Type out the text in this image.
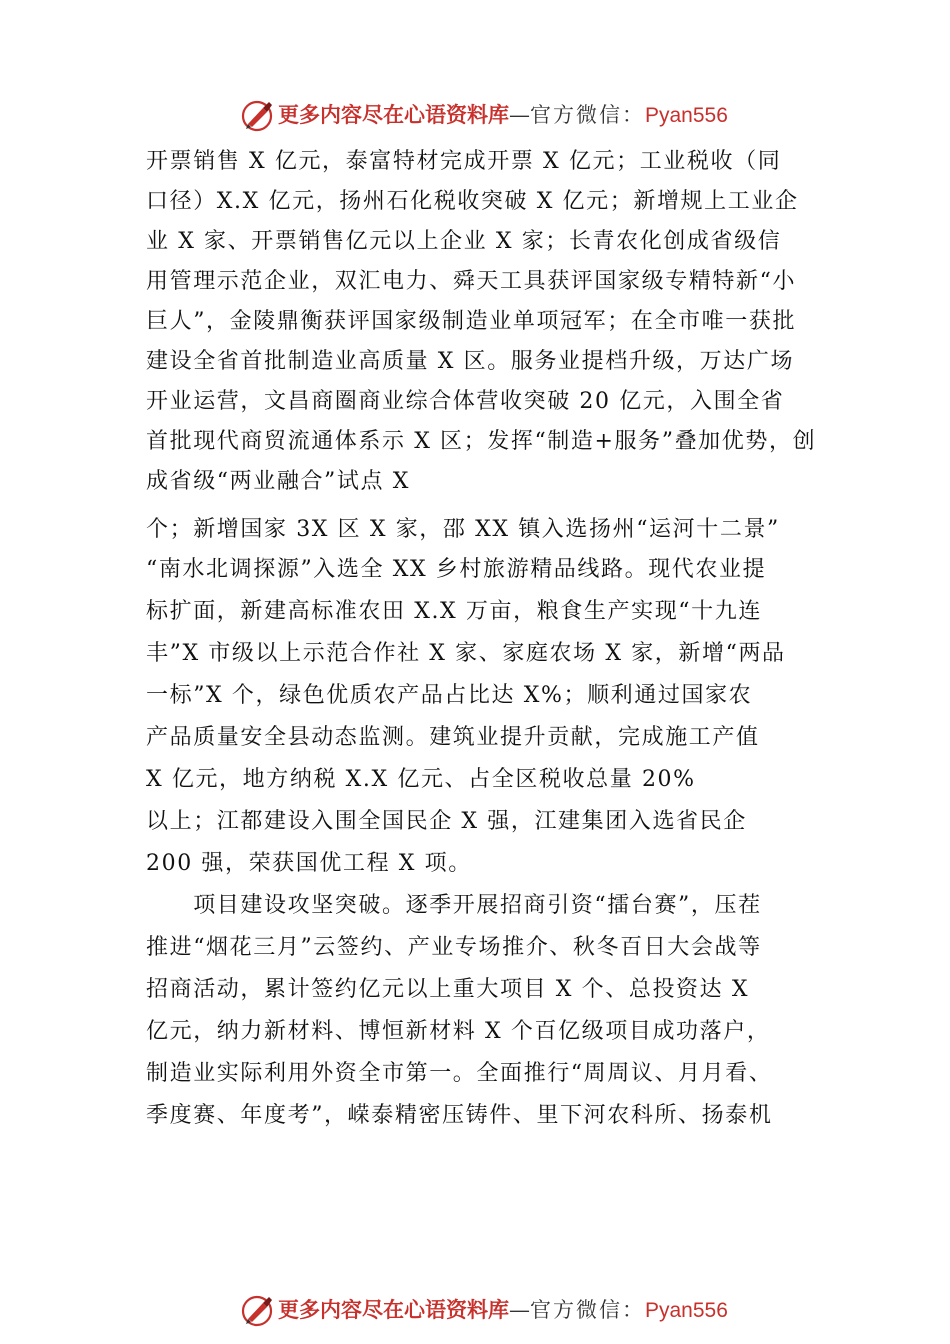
更多内容尽在心语资料库—官方微信：Pyan556

开票销售 X 亿元，泰富特材完成开票 X 亿元；工业税收（同

口径）X.X 亿元，扬州石化税收突破 X 亿元；新增规上工业企

业 X 家、开票销售亿元以上企业 X 家；长青农化创成省级信

用管理示范企业，双汇电力、舜天工具获评国家级专精特新“小

巨人”，金陵鼎衡获评国家级制造业单项冠军；在全市唯一获批

建设全省首批制造业高质量 X 区。服务业提档升级，万达广场

开业运营，文昌商圈商业综合体营收突破 20 亿元，入围全省

首批现代商贸流通体系示 X 区；发挥“制造+服务”叠加优势，创

成省级“两业融合”试点 X

个；新增国家 3X 区 X 家，邵 XX 镇入选扬州“运河十二景”

“南水北调探源”入选全 XX 乡村旅游精品线路。现代农业提

标扩面，新建高标准农田 X.X 万亩，粮食生产实现“十九连

丰”X 市级以上示范合作社 X 家、家庭农场 X 家，新增“两品

一标”X 个，绿色优质农产品占比达 X%；顺利通过国家农

产品质量安全县动态监测。建筑业提升贡献，完成施工产值

X 亿元，地方纳税 X.X 亿元、占全区税收总量 20%

以上；江都建设入围全国民企 X 强，江建集团入选省民企

200 强，荣获国优工程 X 项。

　　项目建设攻坚突破。逐季开展招商引资“擂台赛”，压茬

推进“烟花三月”云签约、产业专场推介、秋冬百日大会战等

招商活动，累计签约亿元以上重大项目 X 个、总投资达 X

亿元，纳力新材料、博恒新材料 X 个百亿级项目成功落户，

制造业实际利用外资全市第一。全面推行“周周议、月月看、

季度赛、年度考”，嵘泰精密压铸件、里下河农科所、扬泰机

更多内容尽在心语资料库—官方微信：Pyan556
